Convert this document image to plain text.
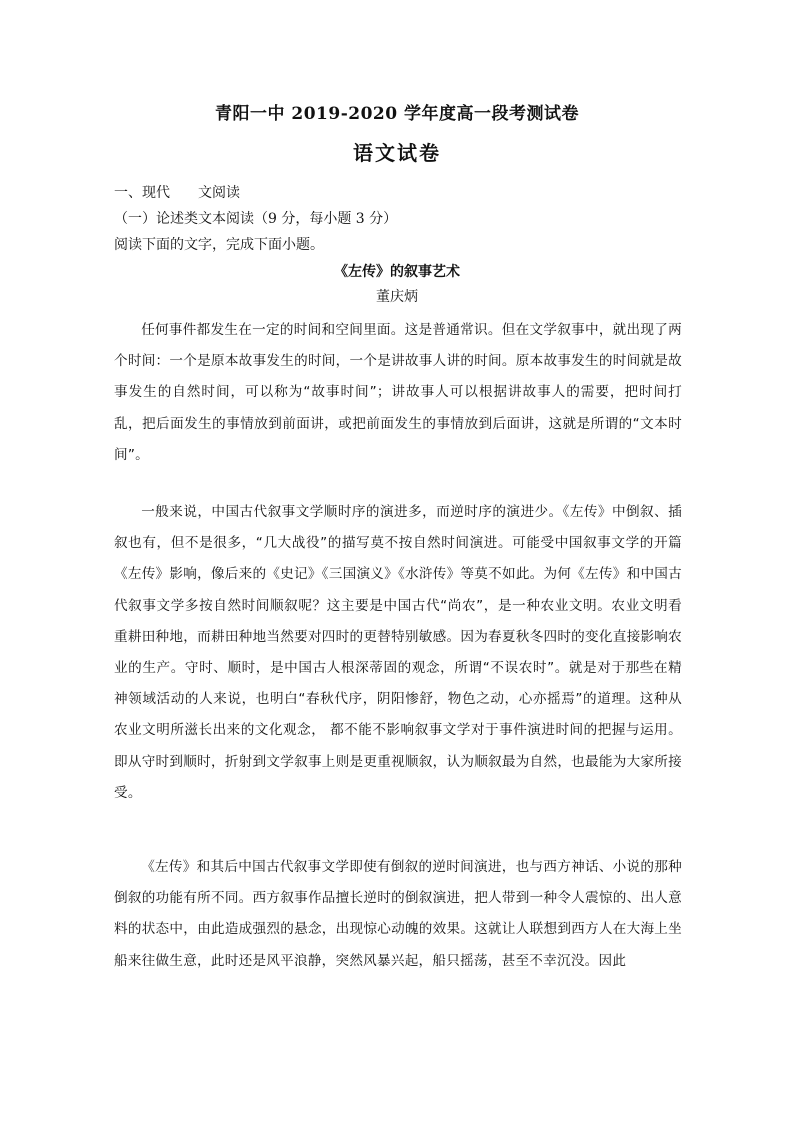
青阳一中 2019-2020 学年度高一段考测试卷
语文试卷
一、现代 文阅读
（一）论述类文本阅读（9 分，每小题 3 分）
阅读下面的文字，完成下面小题。
《左传》的叙事艺术
董庆炳

任何事件都发生在一定的时间和空间里面。这是普通常识。但在文学叙事中，就出现了两个时间：一个是原本故事发生的时间，一个是讲故事人讲的时间。原本故事发生的时间就是故事发生的自然时间，可以称为“故事时间”；讲故事人可以根据讲故事人的需要，把时间打乱，把后面发生的事情放到前面讲，或把前面发生的事情放到后面讲，这就是所谓的“文本时间”。

一般来说，中国古代叙事文学顺时序的演进多，而逆时序的演进少。《左传》中倒叙、插叙也有，但不是很多，“几大战役”的描写莫不按自然时间演进。可能受中国叙事文学的开篇《左传》影响，像后来的《史记》《三国演义》《水浒传》等莫不如此。为何《左传》和中国古代叙事文学多按自然时间顺叙呢？这主要是中国古代“尚农”，是一种农业文明。农业文明看重耕田种地，而耕田种地当然要对四时的更替特别敏感。因为春夏秋冬四时的变化直接影响农业的生产。守时、顺时，是中国古人根深蒂固的观念，所谓“不误农时”。就是对于那些在精神领域活动的人来说，也明白“春秋代序，阴阳惨舒，物色之动，心亦摇焉”的道理。这种从农业文明所滋长出来的文化观念， 都不能不影响叙事文学对于事件演进时间的把握与运用。即从守时到顺时，折射到文学叙事上则是更重视顺叙，认为顺叙最为自然，也最能为大家所接受。

《左传》和其后中国古代叙事文学即使有倒叙的逆时间演进，也与西方神话、小说的那种倒叙的功能有所不同。西方叙事作品擅长逆时的倒叙演进，把人带到一种令人震惊的、出人意料的状态中，由此造成强烈的悬念，出现惊心动魄的效果。这就让人联想到西方人在大海上坐船来往做生意，此时还是风平浪静，突然风暴兴起，船只摇荡，甚至不幸沉没。因此
